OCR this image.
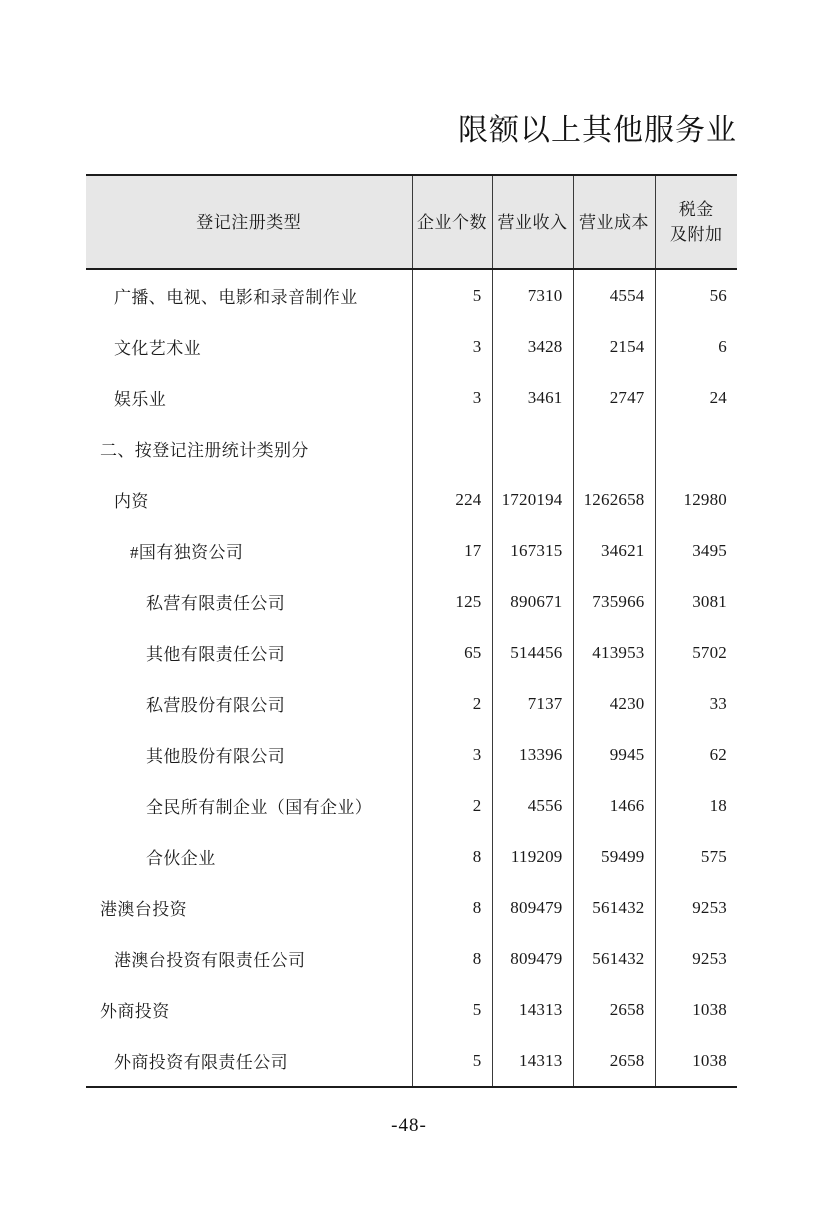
限额以上其他服务业
登记注册类型	企业个数	营业收入	营业成本	税金
及附加

广播、电视、电影和录音制作业	5	7310	4554	56
文化艺术业	3	3428	2154	6
娱乐业	3	3461	2747	24
二、按登记注册统计类别分				
内资	224	1720194	1262658	12980
#国有独资公司	17	167315	34621	3495
私营有限责任公司	125	890671	735966	3081
其他有限责任公司	65	514456	413953	5702
私营股份有限公司	2	7137	4230	33
其他股份有限公司	3	13396	9945	62
全民所有制企业（国有企业）	2	4556	1466	18
合伙企业	8	119209	59499	575
港澳台投资	8	809479	561432	9253
港澳台投资有限责任公司	8	809479	561432	9253
外商投资	5	14313	2658	1038
外商投资有限责任公司	5	14313	2658	1038
-48-
